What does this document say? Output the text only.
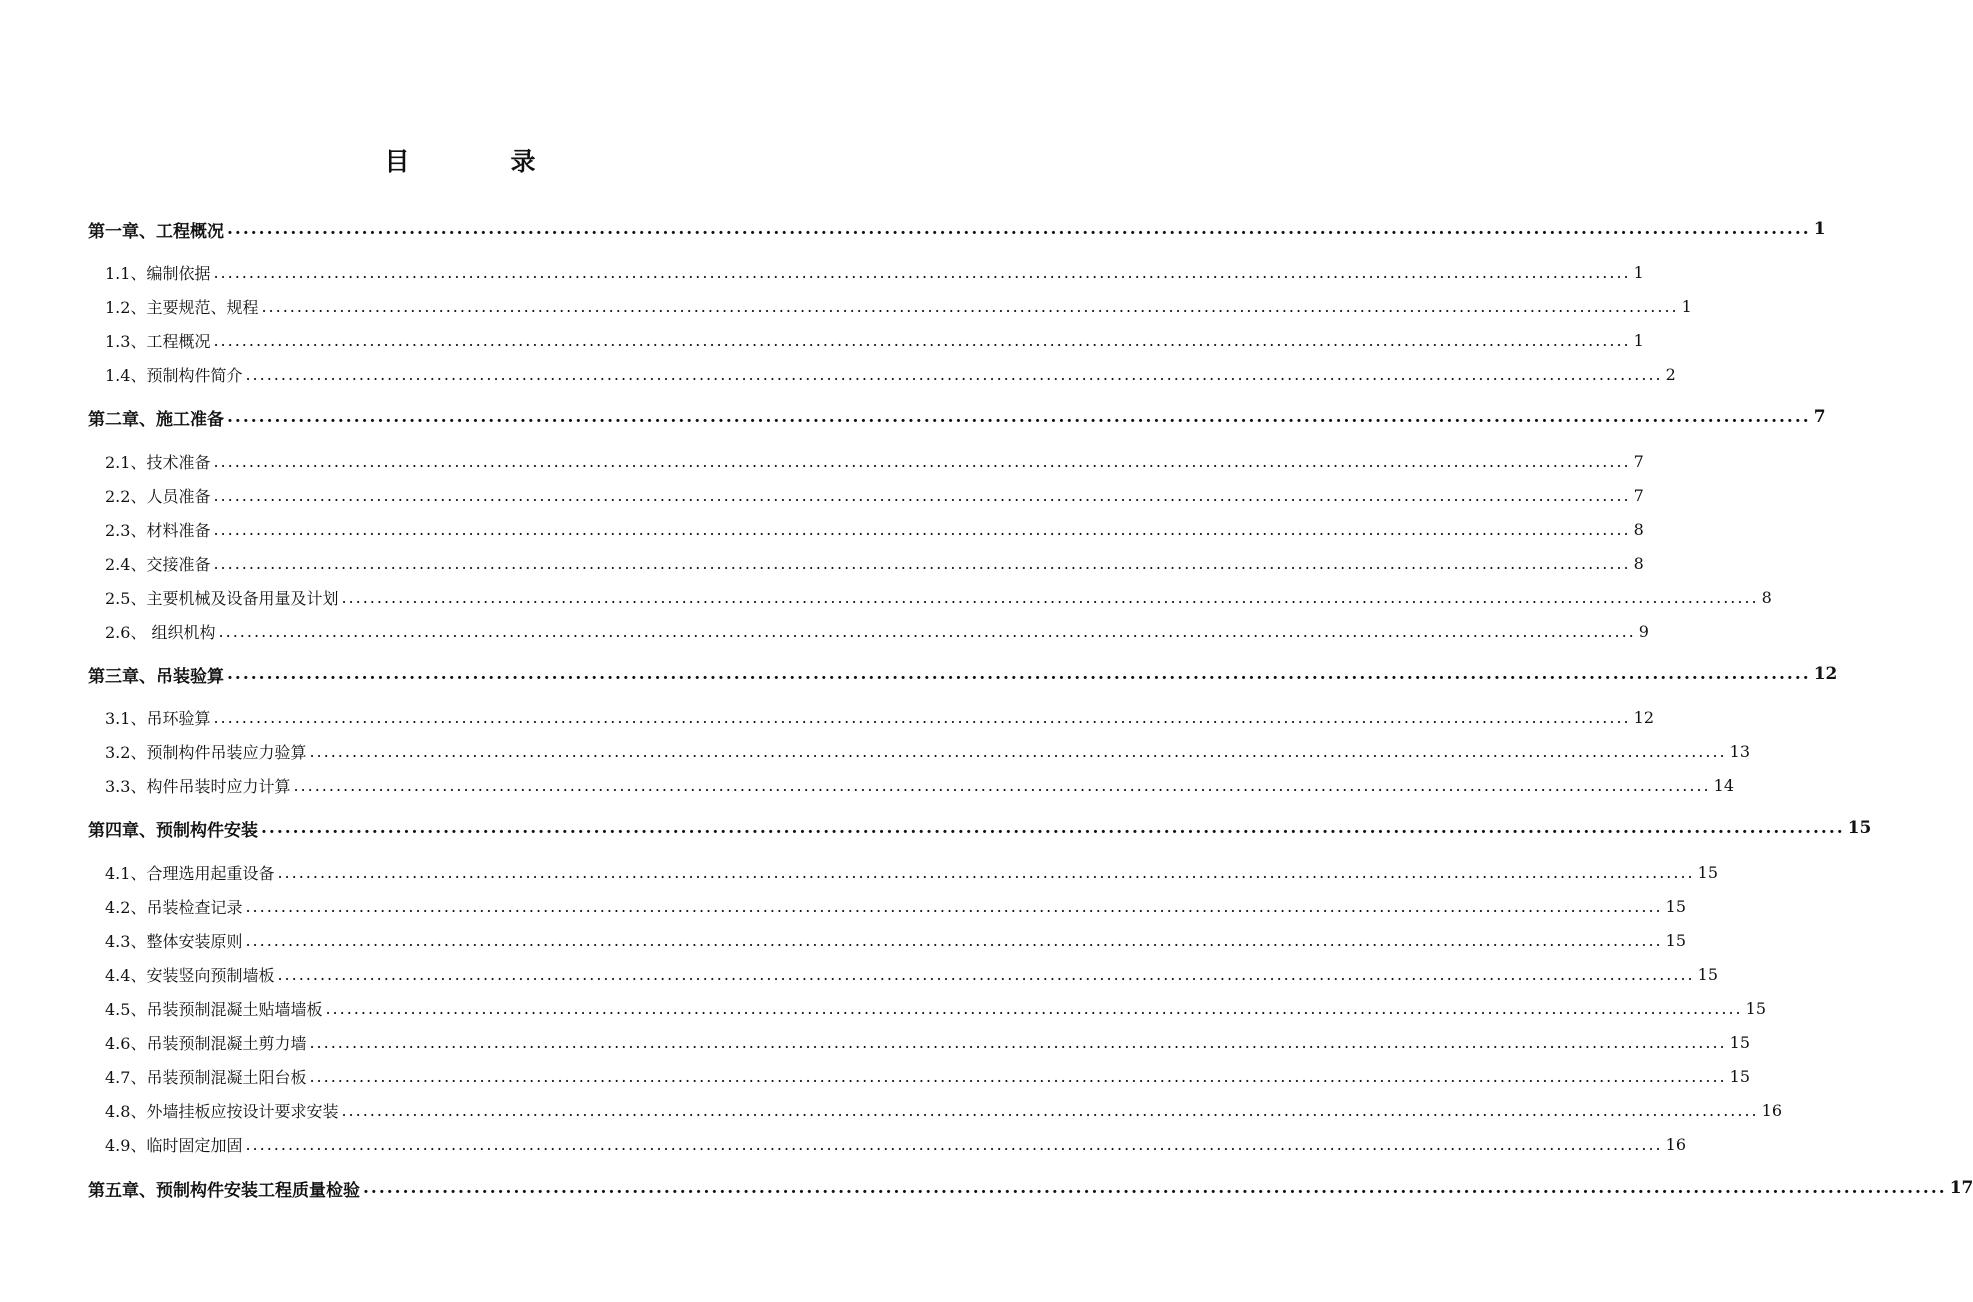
目　录
第一章、工程概况 ........................................................................................................................................................................................................ 1
1.1、编制依据 ........................................................................................................................................................................................................ 1
1.2、主要规范、规程 ........................................................................................................................................................................................................ 1
1.3、工程概况 ........................................................................................................................................................................................................ 1
1.4、预制构件简介 ........................................................................................................................................................................................................ 2
第二章、施工准备 ........................................................................................................................................................................................................ 7
2.1、技术准备 ........................................................................................................................................................................................................ 7
2.2、人员准备 ........................................................................................................................................................................................................ 7
2.3、材料准备 ........................................................................................................................................................................................................ 8
2.4、交接准备 ........................................................................................................................................................................................................ 8
2.5、主要机械及设备用量及计划 ........................................................................................................................................................................................................ 8
2.6、 组织机构 ........................................................................................................................................................................................................ 9
第三章、吊装验算 ........................................................................................................................................................................................................ 12
3.1、吊环验算 ........................................................................................................................................................................................................ 12
3.2、预制构件吊装应力验算 ........................................................................................................................................................................................................ 13
3.3、构件吊装时应力计算 ........................................................................................................................................................................................................ 14
第四章、预制构件安装 ........................................................................................................................................................................................................ 15
4.1、合理选用起重设备 ........................................................................................................................................................................................................ 15
4.2、吊装检查记录 ........................................................................................................................................................................................................ 15
4.3、整体安装原则 ........................................................................................................................................................................................................ 15
4.4、安装竖向预制墙板 ........................................................................................................................................................................................................ 15
4.5、吊装预制混凝土贴墙墙板 ........................................................................................................................................................................................................ 15
4.6、吊装预制混凝土剪力墙 ........................................................................................................................................................................................................ 15
4.7、吊装预制混凝土阳台板 ........................................................................................................................................................................................................ 15
4.8、外墙挂板应按设计要求安装 ........................................................................................................................................................................................................ 16
4.9、临时固定加固 ........................................................................................................................................................................................................ 16
第五章、预制构件安装工程质量检验 ........................................................................................................................................................................................................ 17
